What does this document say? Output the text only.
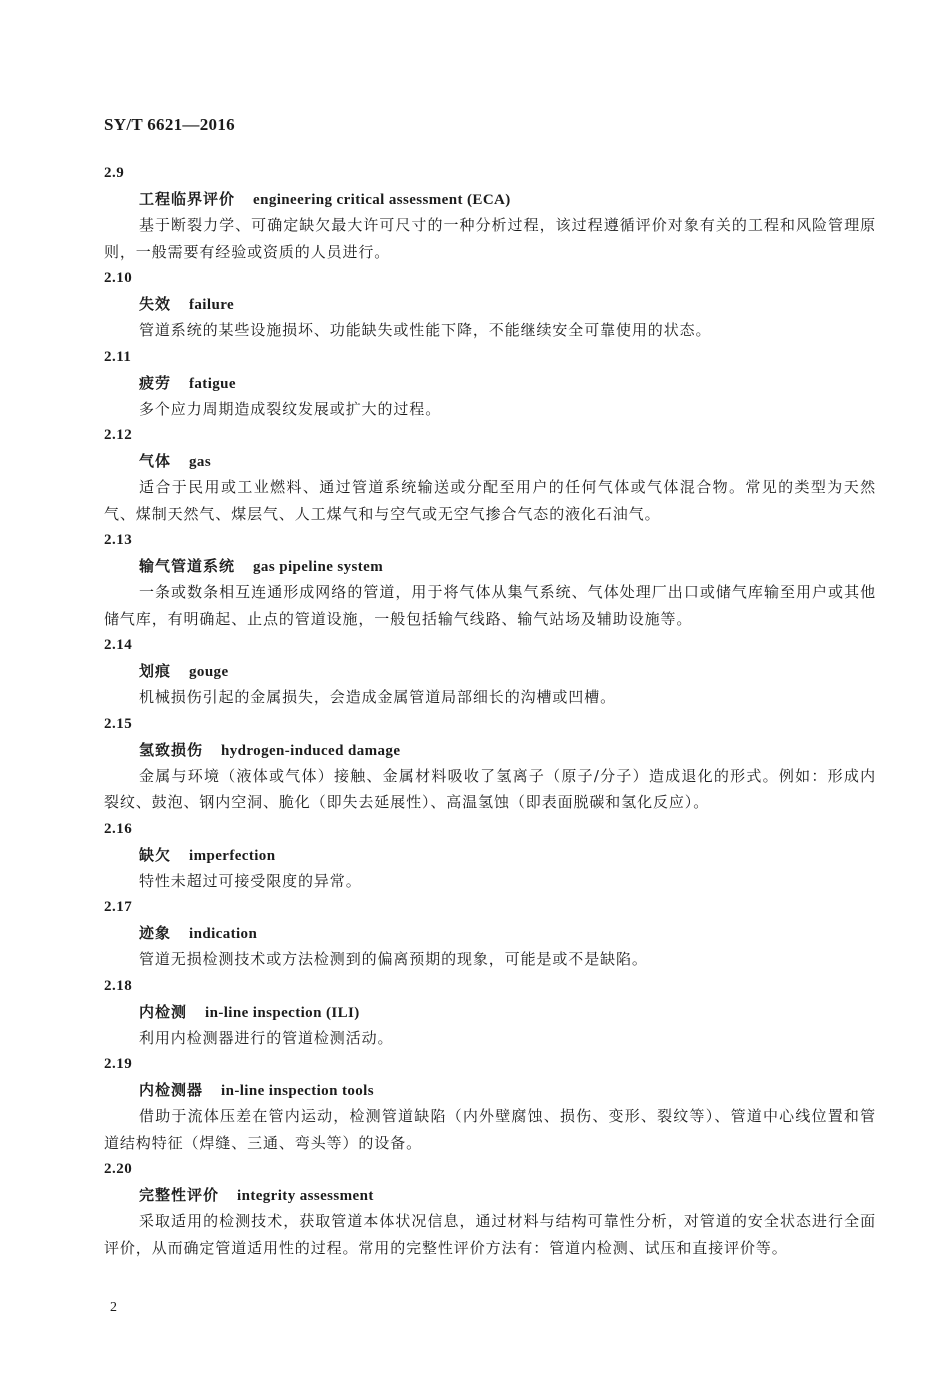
SY/T 6621—2016
2.9
工程临界评价 engineering critical assessment (ECA)
基于断裂力学、可确定缺欠最大许可尺寸的一种分析过程，该过程遵循评价对象有关的工程和风险管理原则，一般需要有经验或资质的人员进行。
2.10
失效 failure
管道系统的某些设施损坏、功能缺失或性能下降，不能继续安全可靠使用的状态。
2.11
疲劳 fatigue
多个应力周期造成裂纹发展或扩大的过程。
2.12
气体 gas
适合于民用或工业燃料、通过管道系统输送或分配至用户的任何气体或气体混合物。常见的类型为天然气、煤制天然气、煤层气、人工煤气和与空气或无空气掺合气态的液化石油气。
2.13
输气管道系统 gas pipeline system
一条或数条相互连通形成网络的管道，用于将气体从集气系统、气体处理厂出口或储气库输至用户或其他储气库，有明确起、止点的管道设施，一般包括输气线路、输气站场及辅助设施等。
2.14
划痕 gouge
机械损伤引起的金属损失，会造成金属管道局部细长的沟槽或凹槽。
2.15
氢致损伤 hydrogen-induced damage
金属与环境（液体或气体）接触、金属材料吸收了氢离子（原子/分子）造成退化的形式。例如：形成内裂纹、鼓泡、钢内空洞、脆化（即失去延展性）、高温氢蚀（即表面脱碳和氢化反应）。
2.16
缺欠 imperfection
特性未超过可接受限度的异常。
2.17
迹象 indication
管道无损检测技术或方法检测到的偏离预期的现象，可能是或不是缺陷。
2.18
内检测 in-line inspection (ILI)
利用内检测器进行的管道检测活动。
2.19
内检测器 in-line inspection tools
借助于流体压差在管内运动，检测管道缺陷（内外壁腐蚀、损伤、变形、裂纹等）、管道中心线位置和管道结构特征（焊缝、三通、弯头等）的设备。
2.20
完整性评价 integrity assessment
采取适用的检测技术，获取管道本体状况信息，通过材料与结构可靠性分析，对管道的安全状态进行全面评价，从而确定管道适用性的过程。常用的完整性评价方法有：管道内检测、试压和直接评价等。
2
